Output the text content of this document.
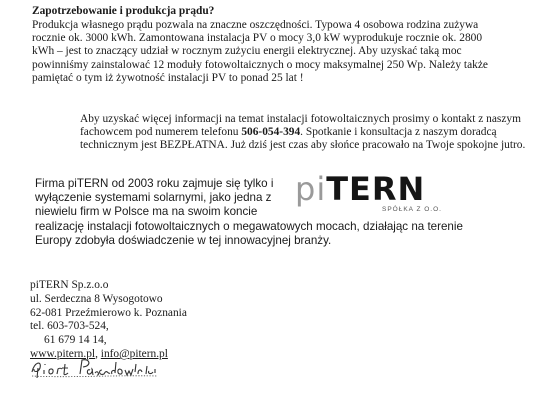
Zapotrzebowanie i produkcja prądu?
Produkcja własnego prądu pozwala na znaczne oszczędności. Typowa 4 osobowa rodzina zużywa
rocznie ok. 3000 kWh. Zamontowana instalacja PV o mocy 3,0 kW wyprodukuje rocznie ok. 2800
kWh – jest to znaczący udział w rocznym zużyciu energii elektrycznej. Aby uzyskać taką moc
powinniśmy zainstalować 12 moduły fotowoltaicznych o mocy maksymalnej 250 Wp. Należy także
pamiętać o tym iż żywotność instalacji PV to ponad 25 lat !
Aby uzyskać więcej informacji na temat instalacji fotowoltaicznych prosimy o kontakt z naszym
fachowcem pod numerem telefonu 506-054-394. Spotkanie i konsultacja z naszym doradcą
technicznym jest BEZPŁATNA. Już dziś jest czas aby słońce pracowało na Twoje spokojne jutro.
Firma piTERN od 2003 roku zajmuje się tylko i
wyłączenie systemami solarnymi, jako jedna z
niewielu firm w Polsce ma na swoim koncie
realizację instalacji fotowoltaicznych o megawatowych mocach, działając na terenie
Europy zdobyła doświadczenie w tej innowacyjnej branży.
piTERN
SPÓŁKA Z O.O.
piTERN Sp.z.o.o
ul. Serdeczna 8 Wysogotowo
62-081 Przeźmierowo k. Poznania
tel. 603-703-524,
61 679 14 14,
www.pitern.pl, info@pitern.pl
